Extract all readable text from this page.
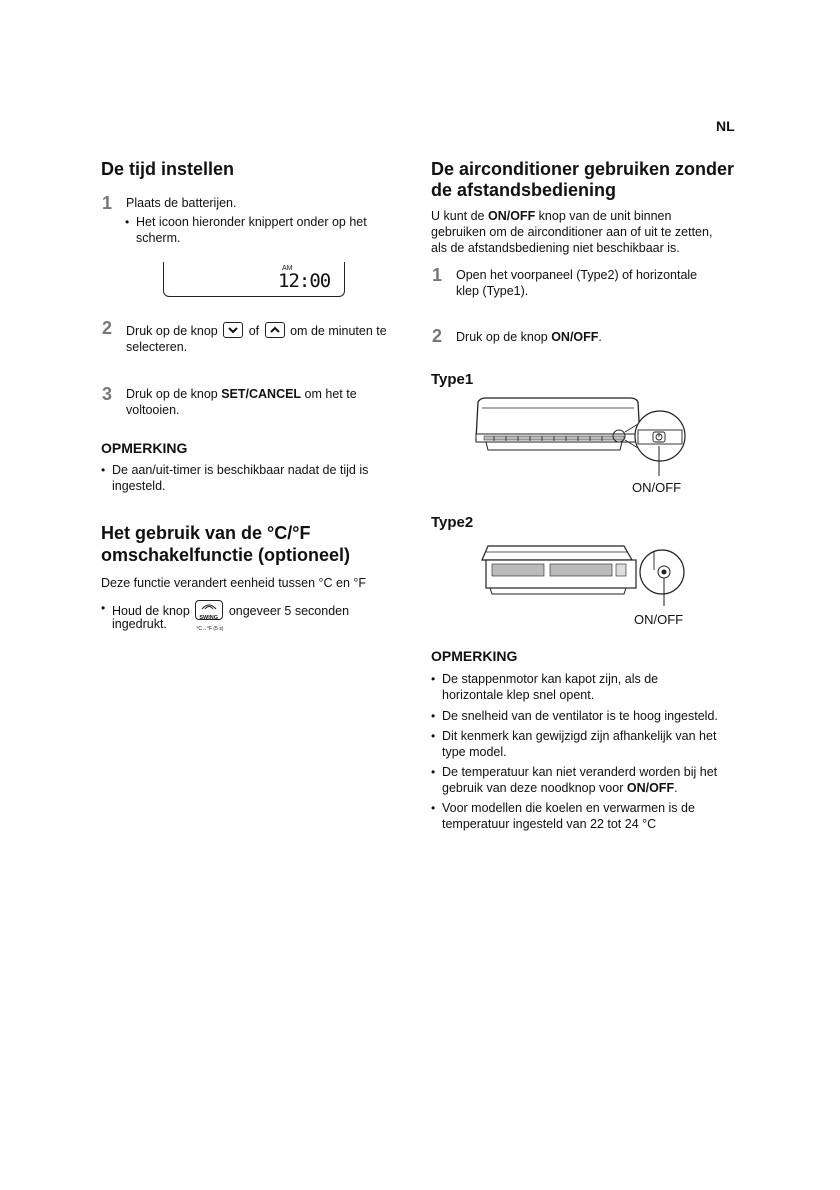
NL
De tijd instellen
1 Plaats de batterijen.
• Het icoon hieronder knippert onder op het scherm.
AM
12:00
2 Druk op de knop of om de minuten te selecteren.
3 Druk op de knop SET/CANCEL om het te
voltooien.
OPMERKING
• De aan/uit-timer is beschikbaar nadat de tijd is ingesteld.
Het gebruik van de °C/°F
omschakelfunctie (optioneel)
Deze functie verandert eenheid tussen °C en °F
• Houd de knop SWING
°C↔°F (5 s)
ongeveer 5 seconden
ingedrukt.
De airconditioner gebruiken zonder
de afstandsbediening
U kunt de ON/OFF knop van de unit binnen
gebruiken om de airconditioner aan of uit te zetten,
als de afstandsbediening niet beschikbaar is.
1 Open het voorpaneel (Type2) of horizontale
klep (Type1).
2 Druk op de knop ON/OFF.
Type1
ON/OFF
Type2
ON/OFF
OPMERKING
• De stappenmotor kan kapot zijn, als de
horizontale klep snel opent.
• De snelheid van de ventilator is te hoog ingesteld.
• Dit kenmerk kan gewijzigd zijn afhankelijk van het
type model.
• De temperatuur kan niet veranderd worden bij het
gebruik van deze noodknop voor ON/OFF.
• Voor modellen die koelen en verwarmen is de
temperatuur ingesteld van 22 tot 24 °C
